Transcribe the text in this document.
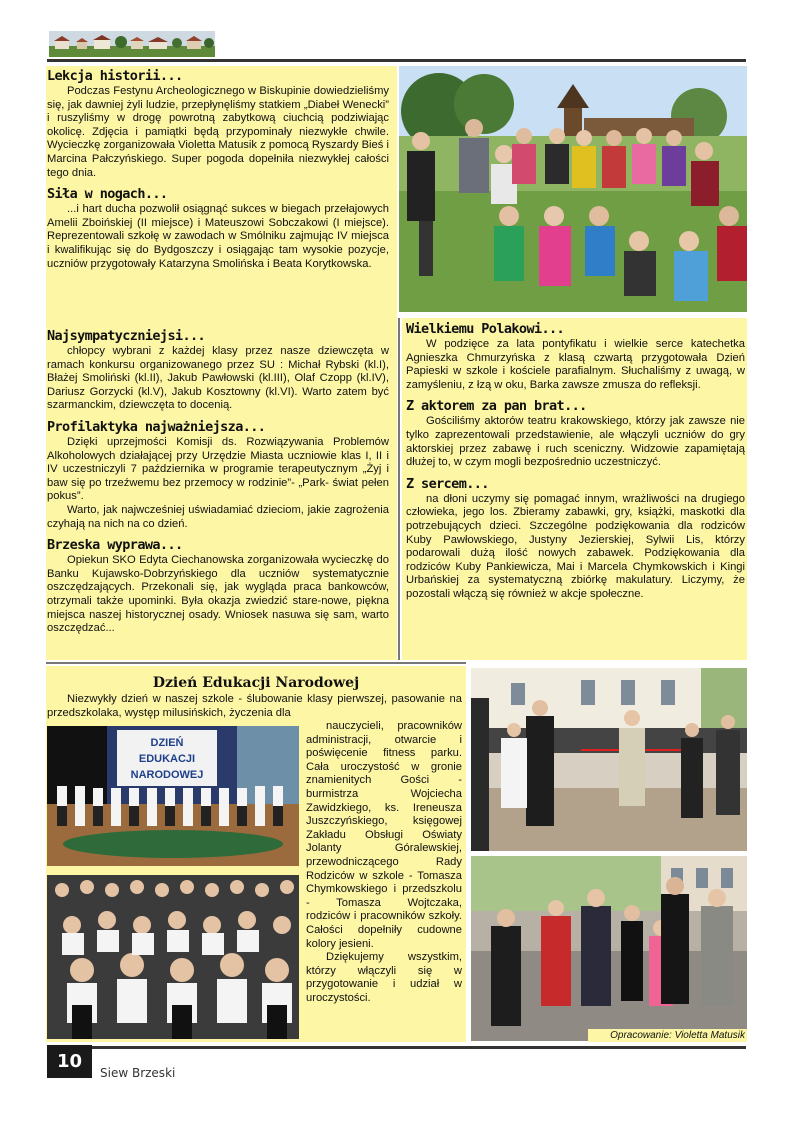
Lekcja historii...

Podczas Festynu Archeologicznego w Biskupinie dowiedzieliśmy się, jak dawniej żyli ludzie, przepłynęliśmy statkiem „Diabeł Wenecki” i ruszyliśmy w drogę powrotną zabytkową ciuchcią podziwiając okolicę. Zdjęcia i pamiątki będą przypominały niezwykłe chwile. Wycieczkę zorganizowała Violetta Matusik z pomocą Ryszardy Bieś i Marcina Pałczyńskiego. Super pogoda dopełniła niezwykłej całości tego dnia.

Siła w nogach...

...i hart ducha pozwolił osiągnąć sukces w biegach przełajowych Amelii Zboińskiej (II miejsce) i Mateuszowi Sobczakowi (I miejsce). Reprezentowali szkołę w zawodach w Smólniku zajmując IV miejsca i kwalifikując się do Bydgoszczy i osiągając tam wysokie pozycje, uczniów przygotowały Katarzyna Smolińska i Beata Korytkowska.

Najsympatyczniejsi...

chłopcy wybrani z każdej klasy przez nasze dziewczęta w ramach konkursu organizowanego przez SU : Michał Rybski (kl.I), Błażej Smoliński (kl.II), Jakub Pawłowski (kl.III), Olaf Czopp (kl.IV), Dariusz Gorzycki (kl.V), Jakub Kosztowny (kl.VI). Warto zatem być szarmanckim, dziewczęta to docenią.

Profilaktyka najważniejsza...

Dzięki uprzejmości Komisji ds. Rozwiązywania Problemów Alkoholowych działającej przy Urzędzie Miasta uczniowie klas I, II i IV uczestniczyli 7 października w programie terapeutycznym „Żyj i baw się po trzeźwemu bez przemocy w rodzinie”- „Park- świat pełen pokus”.

Warto, jak najwcześniej uświadamiać dzieciom, jakie zagrożenia czyhają na nich na co dzień.

Brzeska wyprawa...

Opiekun SKO Edyta Ciechanowska zorganizowała wycieczkę do Banku Kujawsko-Dobrzyńskiego dla uczniów systematycznie oszczędzających. Przekonali się, jak wygląda praca bankowców, otrzymali także upominki. Była okazja zwiedzić stare-nowe, piękna miejsca naszej historycznej osady. Wniosek nasuwa się sam, warto oszczędzać...

Wielkiemu Polakowi...

W podzięce za lata pontyfikatu i wielkie serce katechetka Agnieszka Chmurzyńska z klasą czwartą przygotowała Dzień Papieski w szkole i kościele parafialnym. Słuchaliśmy z uwagą, w zamyśleniu, z łzą w oku, Barka zawsze zmusza do refleksji.

Z aktorem za pan brat...

Gościliśmy aktorów teatru krakowskiego, którzy jak zawsze nie tylko zaprezentowali przedstawienie, ale włączyli uczniów do gry aktorskiej przez zabawę i ruch sceniczny. Widzowie zapamiętają dłużej to, w czym mogli bezpośrednio uczestniczyć.

Z sercem...

na dłoni uczymy się pomagać innym, wrażliwości na drugiego człowieka, jego los. Zbieramy zabawki, gry, książki, maskotki dla potrzebujących dzieci. Szczególne podziękowania dla rodziców Kuby Pawłowskiego, Justyny Jezierskiej, Sylwii Lis, którzy podarowali dużą ilość nowych zabawek. Podziękowania dla rodziców Kuby Pankiewicza, Mai i Marcela Chymkowskich i Kingi Urbańskiej za systematyczną zbiórkę makulatury. Liczymy, że pozostali włączą się również w akcje społeczne.

Dzień Edukacji Narodowej

Niezwykły dzień w naszej szkole - ślubowanie klasy pierwszej, pasowanie na przedszkolaka, występ milusińskich, życzenia dla

DZIEŃ
EDUKACJI
NARODOWEJ

nauczycieli, pracowników administracji, otwarcie i poświęcenie fitness parku. Cała uroczystość w gronie znamienitych Gości - burmistrza Wojciecha Zawidzkiego, ks. Ireneusza Juszczyńskiego, księgowej Zakładu Obsługi Oświaty Jolanty Góralewskiej, przewodniczącego Rady Rodziców w szkole - Tomasza Chymkowskiego i przedszkolu - Tomasza Wojtczaka, rodziców i pracowników szkoły. Całości dopełniły cudowne kolory jesieni.

Dziękujemy wszystkim, którzy włączyli się w przygotowanie i udział w uroczystości.

Opracowanie: Violetta Matusik
10
Siew Brzeski
